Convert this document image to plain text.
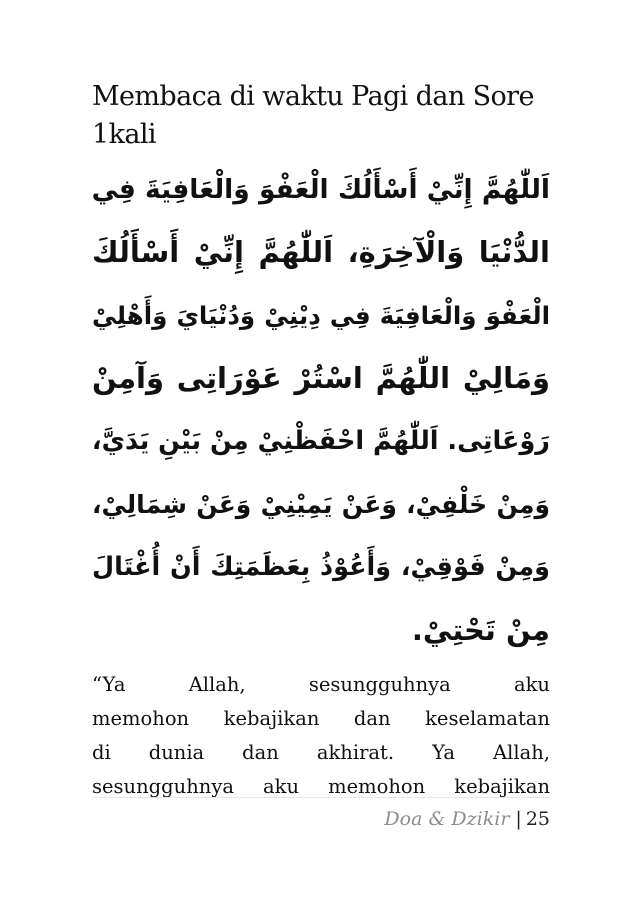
Membaca di waktu Pagi dan Sore
1kali
اَللّٰهُمَّ إِنِّيْ أَسْأَلُكَ الْعَفْوَ وَالْعَافِيَةَ فِي
الدُّنْيَا وَالْآخِرَةِ، اَللّٰهُمَّ إِنِّيْ أَسْأَلُكَ
الْعَفْوَ وَالْعَافِيَةَ فِي دِيْنِيْ وَدُنْيَايَ وَأَهْلِيْ
وَمَالِيْ اللّٰهُمَّ اسْتُرْ عَوْرَاتِى وَآمِنْ
رَوْعَاتِى. اَللّٰهُمَّ احْفَظْنِيْ مِنْ بَيْنِ يَدَيَّ،
وَمِنْ خَلْفِيْ، وَعَنْ يَمِيْنِيْ وَعَنْ شِمَالِيْ،
وَمِنْ فَوْقِيْ، وَأَعُوْذُ بِعَظَمَتِكَ أَنْ أُغْتَالَ
مِنْ تَحْتِيْ.
“Ya Allah, sesungguhnya aku
memohon kebajikan dan keselamatan
di dunia dan akhirat. Ya Allah,
sesungguhnya aku memohon kebajikan
Doa & Dzikir | 25
